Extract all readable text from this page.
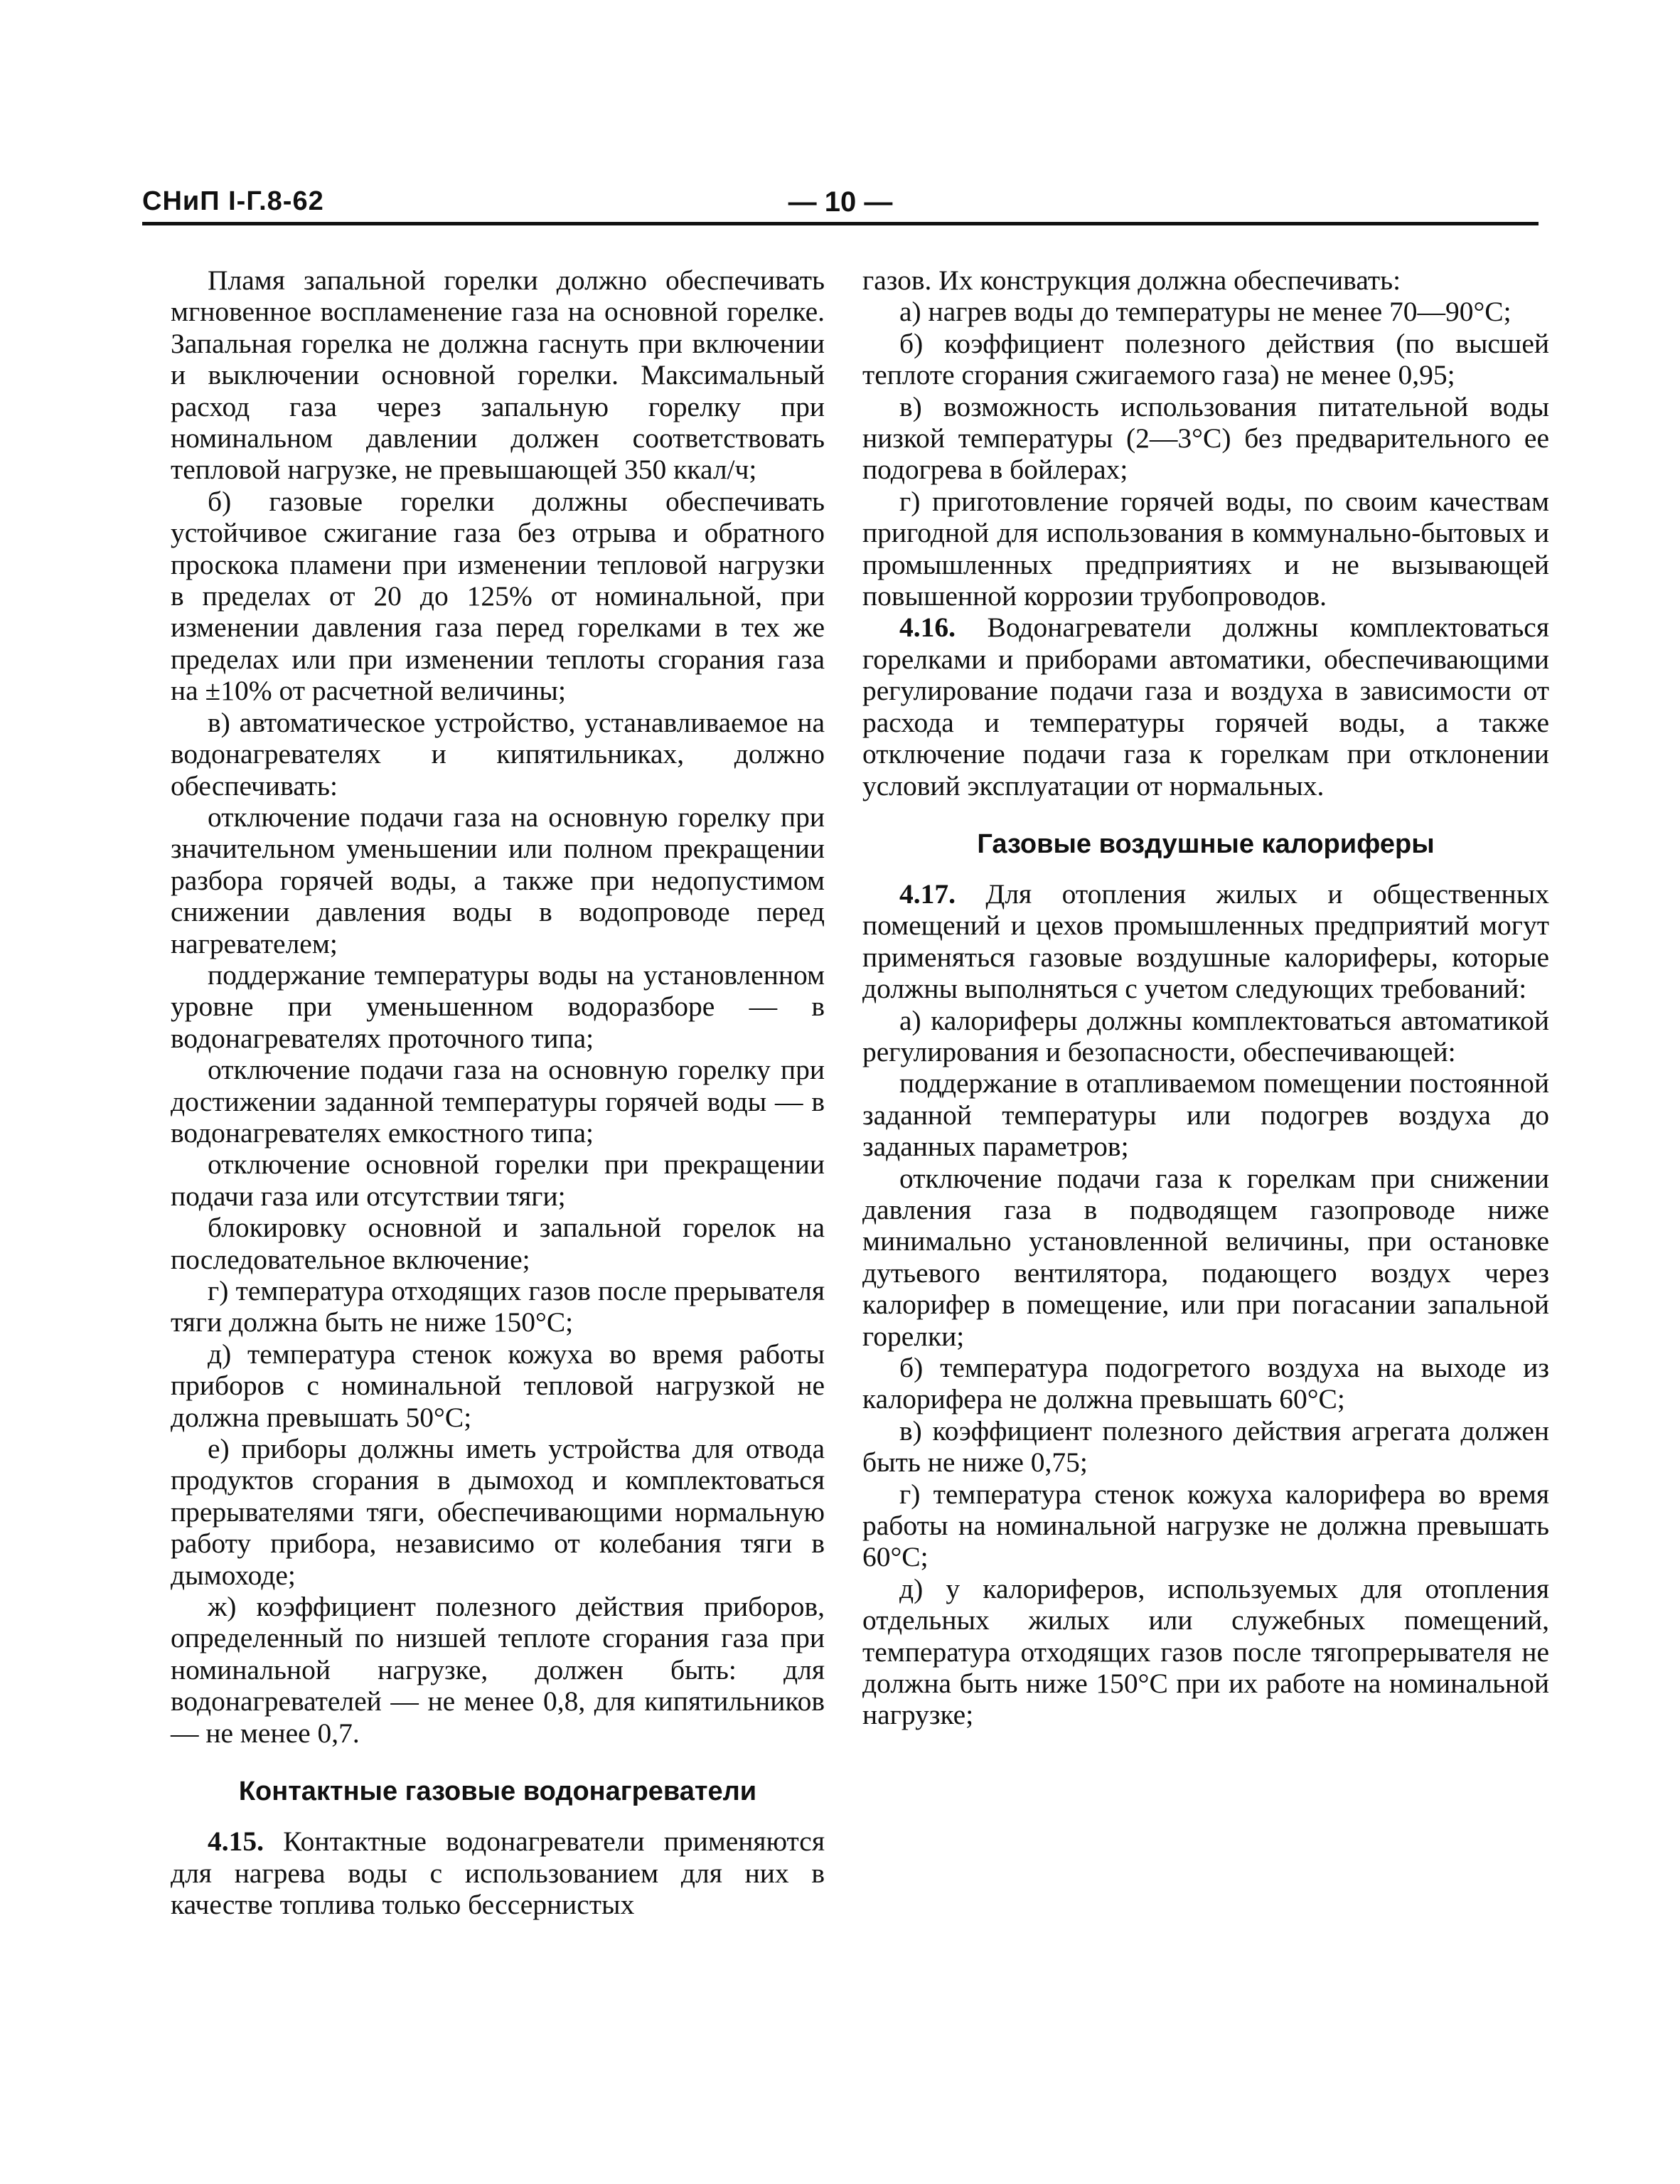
СНиП I-Г.8-62	— 10 —

Пламя запальной горелки должно обеспечивать мгновенное воспламенение газа на основной горелке. Запальная горелка не должна гаснуть при включении и выключении основной горелки. Максимальный расход газа через запальную горелку при номинальном давлении должен соответствовать тепловой нагрузке, не превышающей 350 ккал/ч;

б) газовые горелки должны обеспечивать устойчивое сжигание газа без отрыва и обратного проскока пламени при изменении тепловой нагрузки в пределах от 20 до 125% от номинальной, при изменении давления газа перед горелками в тех же пределах или при изменении теплоты сгорания газа на ±10% от расчетной величины;

в) автоматическое устройство, устанавливаемое на водонагревателях и кипятильниках, должно обеспечивать:

отключение подачи газа на основную горелку при значительном уменьшении или полном прекращении разбора горячей воды, а также при недопустимом снижении давления воды в водопроводе перед нагревателем;

поддержание температуры воды на установленном уровне при уменьшенном водоразборе — в водонагревателях проточного типа;

отключение подачи газа на основную горелку при достижении заданной температуры горячей воды — в водонагревателях емкостного типа;

отключение основной горелки при прекращении подачи газа или отсутствии тяги;

блокировку основной и запальной горелок на последовательное включение;

г) температура отходящих газов после прерывателя тяги должна быть не ниже 150°С;

д) температура стенок кожуха во время работы приборов с номинальной тепловой нагрузкой не должна превышать 50°С;

е) приборы должны иметь устройства для отвода продуктов сгорания в дымоход и комплектоваться прерывателями тяги, обеспечивающими нормальную работу прибора, независимо от колебания тяги в дымоходе;

ж) коэффициент полезного действия приборов, определенный по низшей теплоте сгорания газа при номинальной нагрузке, должен быть: для водонагревателей — не менее 0,8, для кипятильников — не менее 0,7.

Контактные газовые водонагреватели

4.15. Контактные водонагреватели применяются для нагрева воды с использованием для них в качестве топлива только бессернистых

газов. Их конструкция должна обеспечивать:

а) нагрев воды до температуры не менее 70—90°С;

б) коэффициент полезного действия (по высшей теплоте сгорания сжигаемого газа) не менее 0,95;

в) возможность использования питательной воды низкой температуры (2—3°С) без предварительного ее подогрева в бойлерах;

г) приготовление горячей воды, по своим качествам пригодной для использования в коммунально-бытовых и промышленных предприятиях и не вызывающей повышенной коррозии трубопроводов.

4.16. Водонагреватели должны комплектоваться горелками и приборами автоматики, обеспечивающими регулирование подачи газа и воздуха в зависимости от расхода и температуры горячей воды, а также отключение подачи газа к горелкам при отклонении условий эксплуатации от нормальных.

Газовые воздушные калориферы

4.17. Для отопления жилых и общественных помещений и цехов промышленных предприятий могут применяться газовые воздушные калориферы, которые должны выполняться с учетом следующих требований:

а) калориферы должны комплектоваться автоматикой регулирования и безопасности, обеспечивающей:

поддержание в отапливаемом помещении постоянной заданной температуры или подогрев воздуха до заданных параметров;

отключение подачи газа к горелкам при снижении давления газа в подводящем газопроводе ниже минимально установленной величины, при остановке дутьевого вентилятора, подающего воздух через калорифер в помещение, или при погасании запальной горелки;

б) температура подогретого воздуха на выходе из калорифера не должна превышать 60°С;

в) коэффициент полезного действия агрегата должен быть не ниже 0,75;

г) температура стенок кожуха калорифера во время работы на номинальной нагрузке не должна превышать 60°С;

д) у калориферов, используемых для отопления отдельных жилых или служебных помещений, температура отходящих газов после тягопрерывателя не должна быть ниже 150°С при их работе на номинальной нагрузке;
